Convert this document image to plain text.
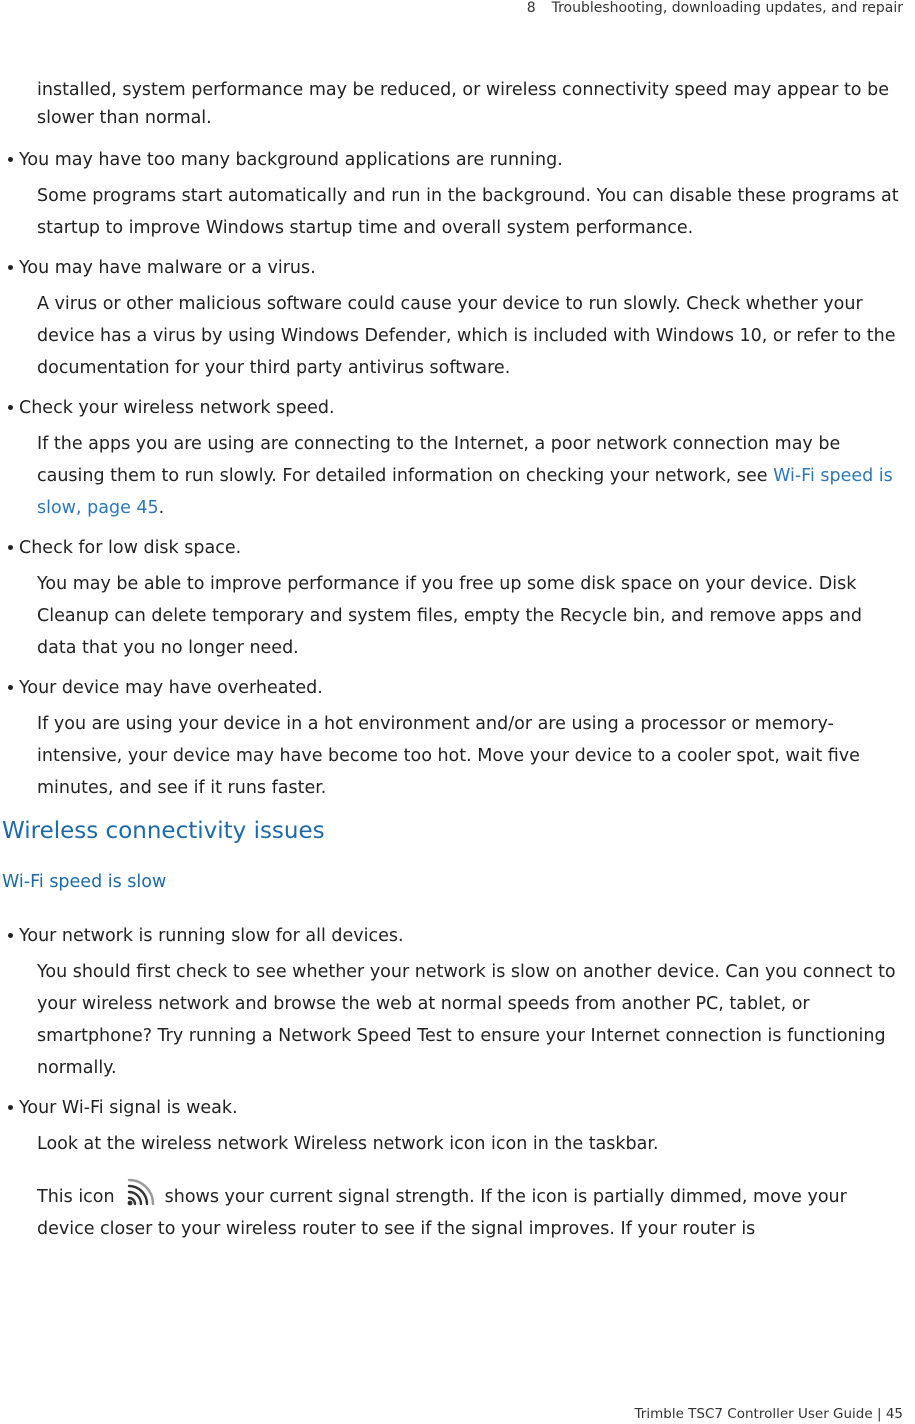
8 Troubleshooting, downloading updates, and repair

installed, system performance may be reduced, or wireless connectivity speed may appear to be slower than normal.

You may have too many background applications are running.

Some programs start automatically and run in the background. You can disable these programs at startup to improve Windows startup time and overall system performance.

You may have malware or a virus.

A virus or other malicious software could cause your device to run slowly. Check whether your device has a virus by using Windows Defender, which is included with Windows 10, or refer to the documentation for your third party antivirus software.

Check your wireless network speed.

If the apps you are using are connecting to the Internet, a poor network connection may be causing them to run slowly. For detailed information on checking your network, see Wi-Fi speed is slow, page 45.

Check for low disk space.

You may be able to improve performance if you free up some disk space on your device. Disk Cleanup can delete temporary and system files, empty the Recycle bin, and remove apps and data that you no longer need.

Your device may have overheated.

If you are using your device in a hot environment and/or are using a processor or memory-intensive, your device may have become too hot. Move your device to a cooler spot, wait five minutes, and see if it runs faster.

Wireless connectivity issues
Wi-Fi speed is slow

Your network is running slow for all devices.

You should first check to see whether your network is slow on another device. Can you connect to your wireless network and browse the web at normal speeds from another PC, tablet, or smartphone? Try running a Network Speed Test to ensure your Internet connection is functioning normally.

Your Wi-Fi signal is weak.

Look at the wireless network Wireless network icon icon in the taskbar.

This icon	shows your current signal strength. If the icon is partially dimmed, move your device closer to your wireless router to see if the signal improves. If your router is

Trimble TSC7 Controller User Guide | 45
